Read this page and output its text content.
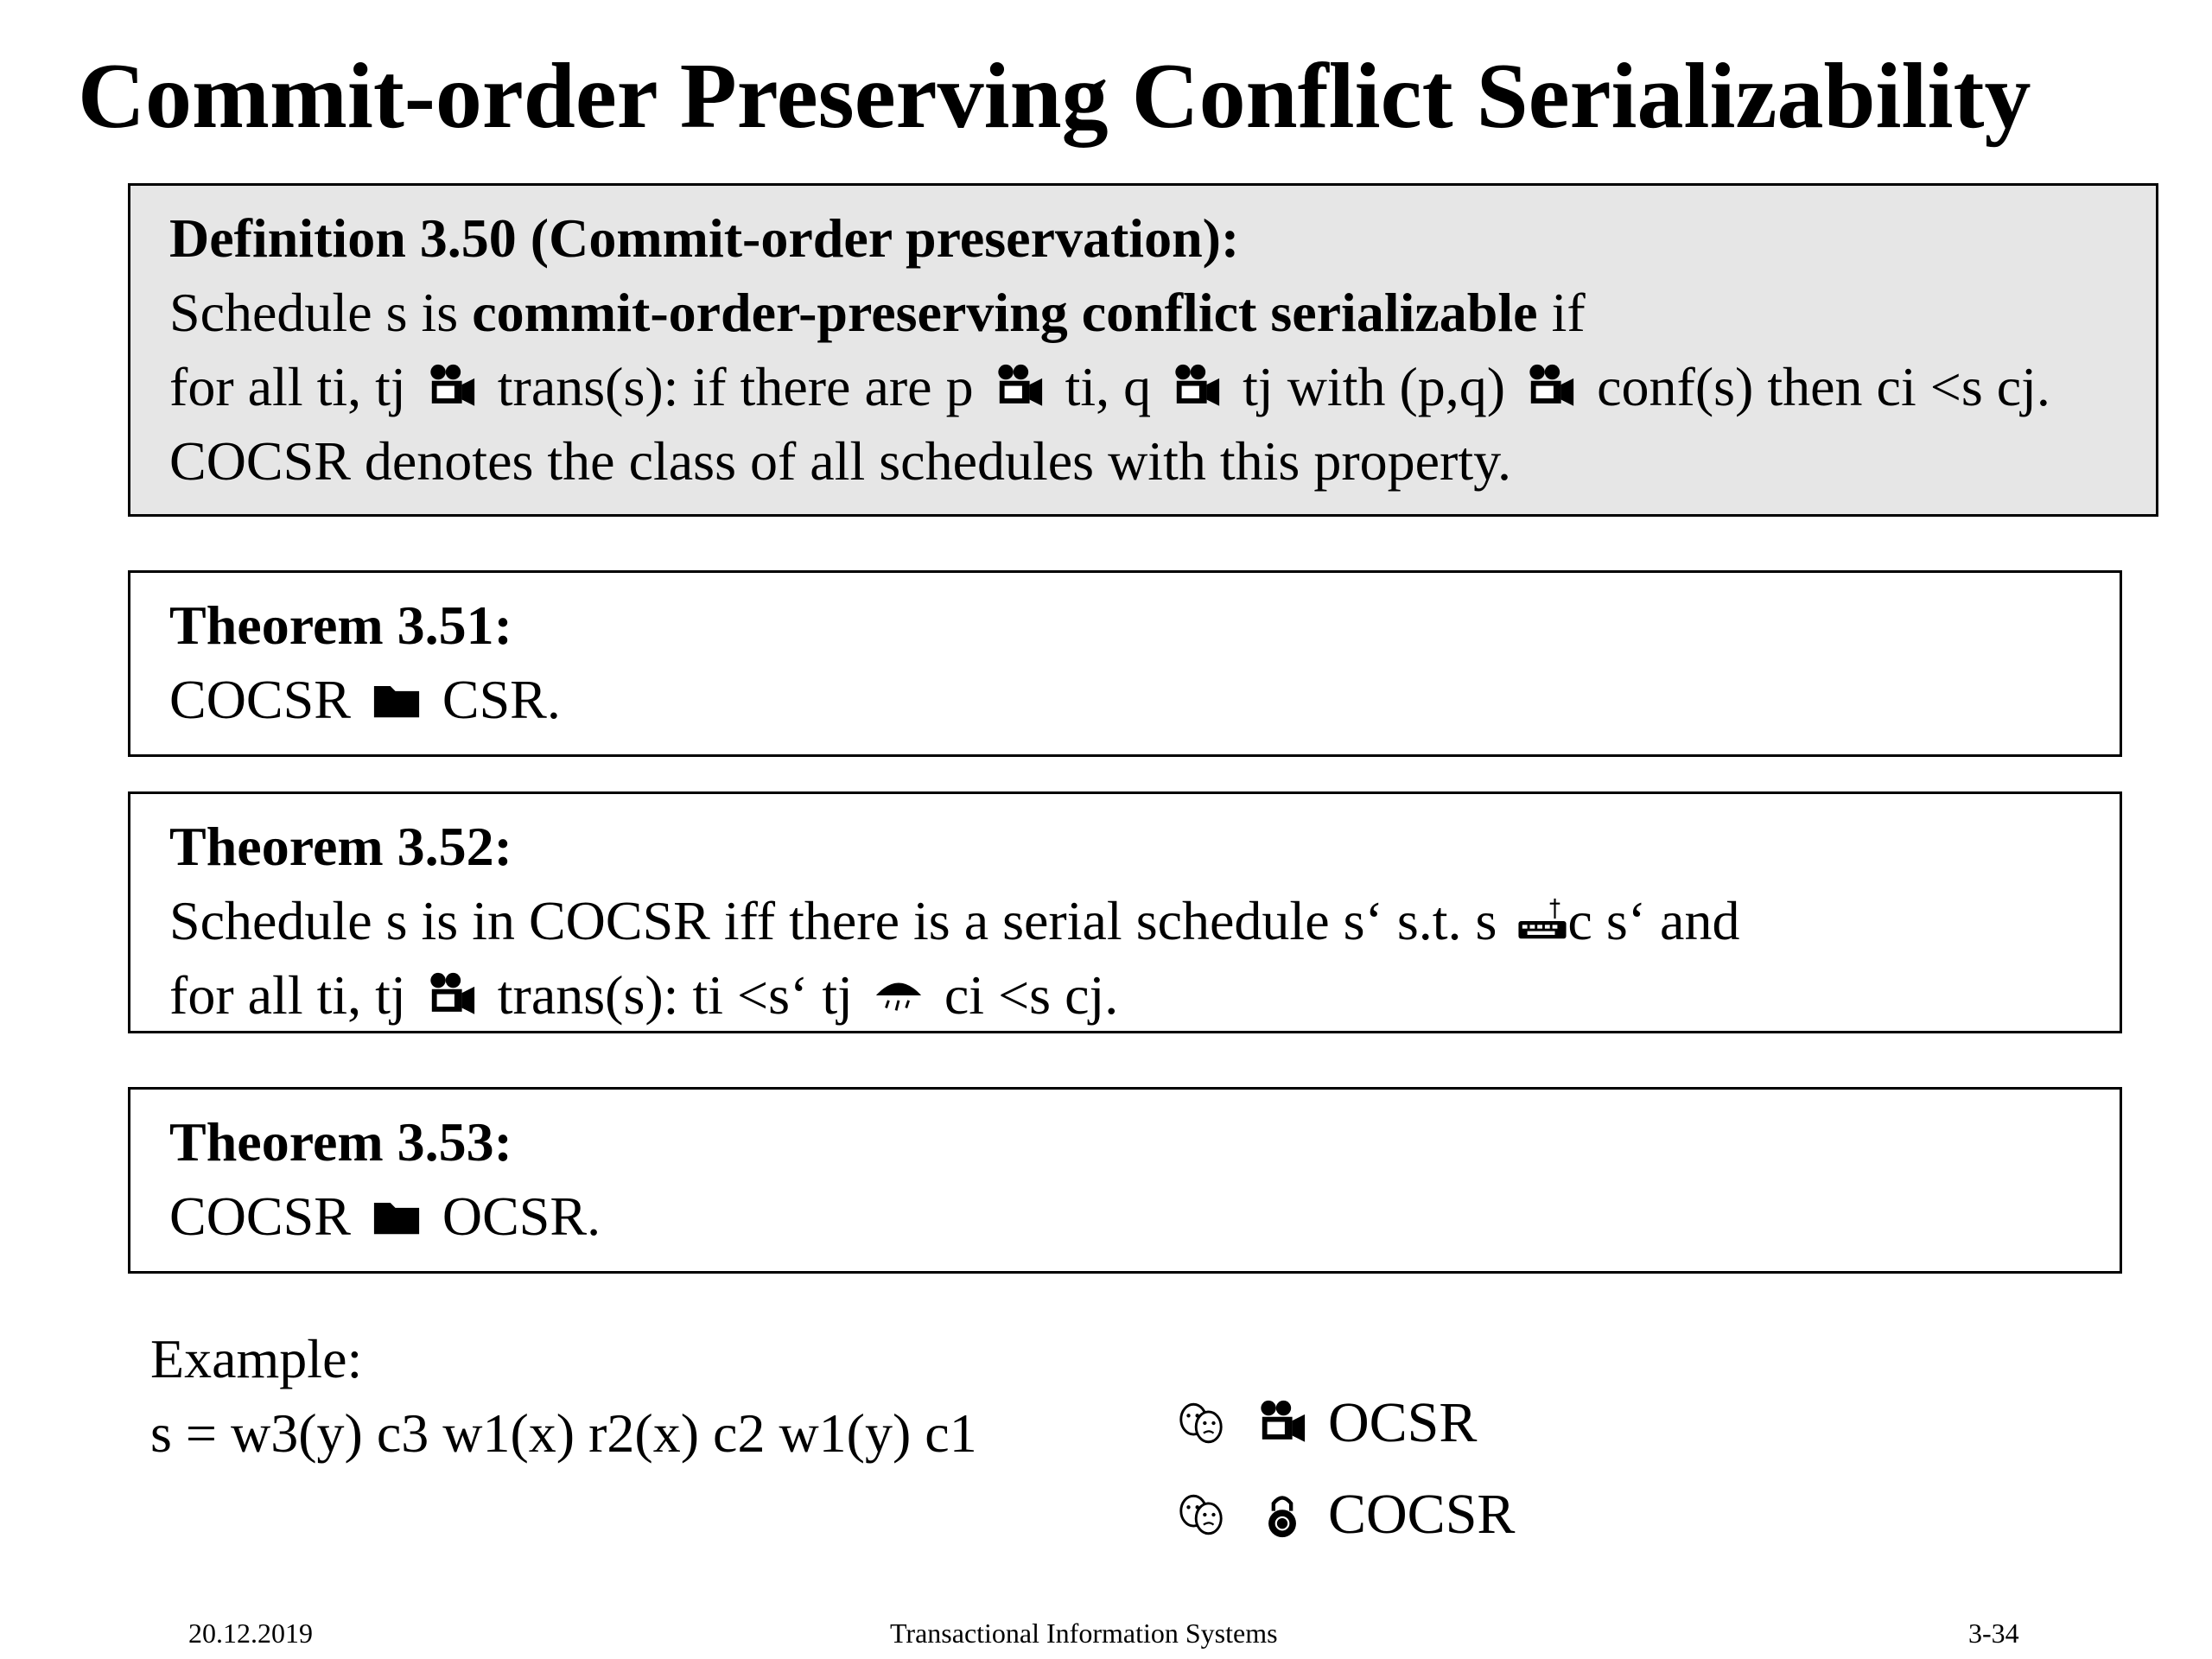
Commit-order Preserving Conflict Serializability
Definition 3.50 (Commit-order preservation):
Schedule s is commit-order-preserving conflict serializable if
for all ti, tj trans(s): if there are p ti, q tj with (p,q) conf(s) then ci <s cj.
COCSR denotes the class of all schedules with this property.
Theorem 3.51:
COCSR CSR.
Theorem 3.52:
Schedule s is in COCSR iff there is a serial schedule s‘ s.t. s c s‘ and
for all ti, tj trans(s): ti <s‘ tj ci <s cj.
Theorem 3.53:
COCSR OCSR.
Example:
s = w3(y) c3 w1(x) r2(x) c2 w1(y) c1	OCSR
COCSR
20.12.2019	Transactional Information Systems	3-34
